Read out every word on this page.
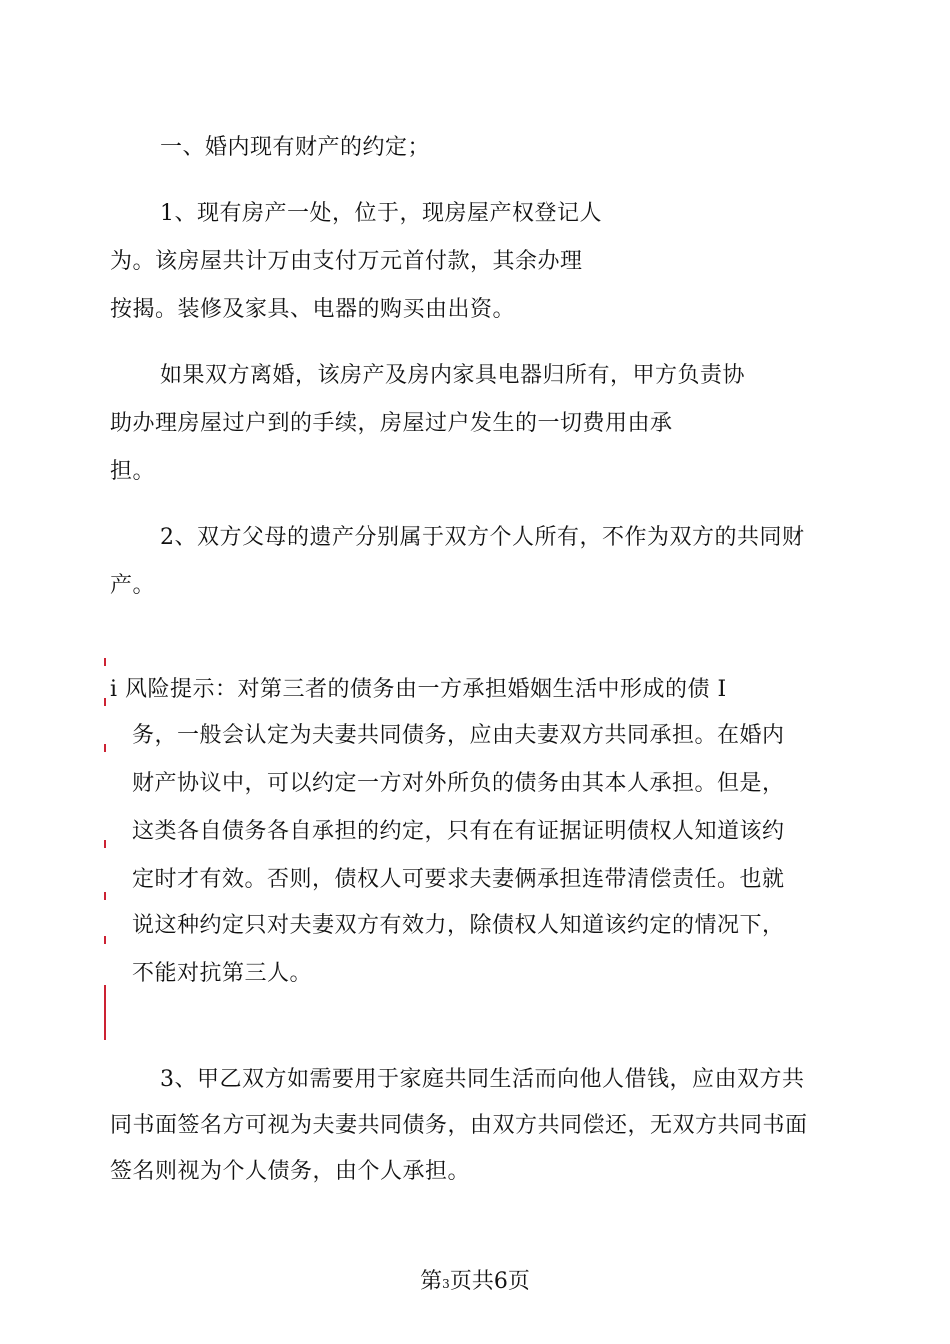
一、婚内现有财产的约定；
1、现有房产一处，位于，现房屋产权登记人
为。该房屋共计万由支付万元首付款，其余办理
按揭。装修及家具、电器的购买由出资。
如果双方离婚，该房产及房内家具电器归所有，甲方负责协
助办理房屋过户到的手续，房屋过户发生的一切费用由承
担。
2、双方父母的遗产分别属于双方个人所有，不作为双方的共同财
产。
i 风险提示：对第三者的债务由一方承担婚姻生活中形成的债 I
务，一般会认定为夫妻共同债务，应由夫妻双方共同承担。在婚内
财产协议中，可以约定一方对外所负的债务由其本人承担。但是，
这类各自债务各自承担的约定，只有在有证据证明债权人知道该约
定时才有效。否则，债权人可要求夫妻俩承担连带清偿责任。也就
说这种约定只对夫妻双方有效力，除债权人知道该约定的情况下，
不能对抗第三人。
3、甲乙双方如需要用于家庭共同生活而向他人借钱，应由双方共
同书面签名方可视为夫妻共同债务，由双方共同偿还，无双方共同书面
签名则视为个人债务，由个人承担。
第3页共6页
